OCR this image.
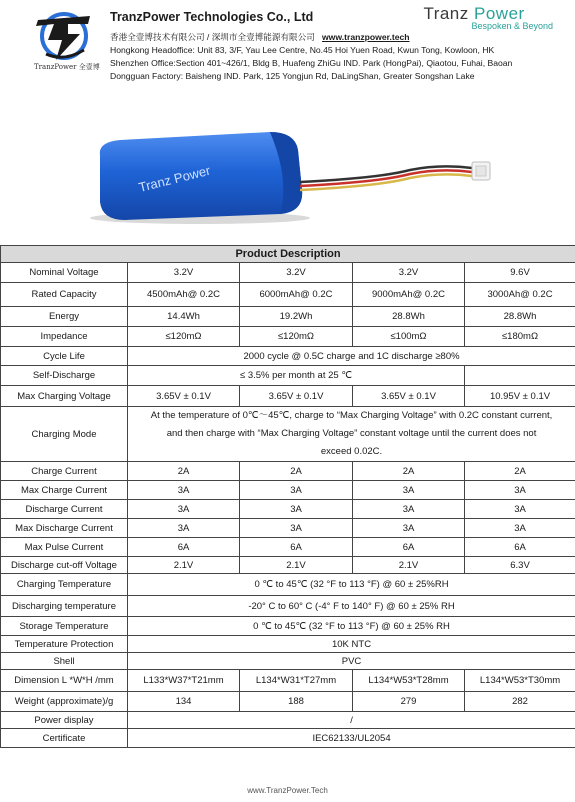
TranzPower 全壹博
TranzPower Technologies Co., Ltd
香港全壹博技术有限公司 / 深圳市全壹博能源有限公司 www.tranzpower.tech
Hongkong Headoffice: Unit 83, 3/F, Yau Lee Centre, No.45 Hoi Yuen Road, Kwun Tong, Kowloon, HK
Shenzhen Office:Section 401~426/1, Bldg B, Huafeng ZhiGu IND. Park (HongPai), Qiaotou, Fuhai, Baoan
Dongguan Factory: Baisheng IND. Park, 125 Yongjun Rd, DaLingShan, Greater Songshan Lake
Tranz Power
Bespoken & Beyond
Tranz Power
Product Description				
Nominal Voltage	3.2V	3.2V	3.2V	9.6V
Rated Capacity	4500mAh@ 0.2C	6000mAh@ 0.2C	9000mAh@ 0.2C	3000Ah@ 0.2C
Energy	14.4Wh	19.2Wh	28.8Wh	28.8Wh
Impedance	≤120mΩ	≤120mΩ	≤100mΩ	≤180mΩ
Cycle Life	2000 cycle @ 0.5C charge and 1C discharge ≥80%			
Self-Discharge	≤ 3.5% per month at 25 ℃			
Max Charging Voltage	3.65V ± 0.1V	3.65V ± 0.1V	3.65V ± 0.1V	10.95V ± 0.1V
Charging Mode	At the temperature of 0℃～45℃, charge to “Max Charging Voltage” with 0.2C constant current,
and then charge with “Max Charging Voltage” constant voltage until the current does not
exceed 0.02C.			

Charge Current	2A	2A	2A	2A
Max Charge Current	3A	3A	3A	3A
Discharge Current	3A	3A	3A	3A
Max Discharge Current	3A	3A	3A	3A
Max Pulse Current	6A	6A	6A	6A
Discharge cut-off Voltage	2.1V	2.1V	2.1V	6.3V
Charging Temperature	0 ℃ to 45℃ (32 °F to 113 °F) @ 60 ± 25%RH			
Discharging temperature	-20° C to 60° C (-4° F to 140° F) @ 60 ± 25% RH			
Storage Temperature	0 ℃ to 45℃ (32 °F to 113 °F) @ 60 ± 25% RH			
Temperature Protection	10K NTC			
Shell	PVC			
Dimension L *W*H /mm	L133*W37*T21mm	L134*W31*T27mm	L134*W53*T28mm	L134*W53*T30mm
Weight (approximate)/g	134	188	279	282
Power display	/			
Certificate	IEC62133/UL2054			
www.TranzPower.Tech
